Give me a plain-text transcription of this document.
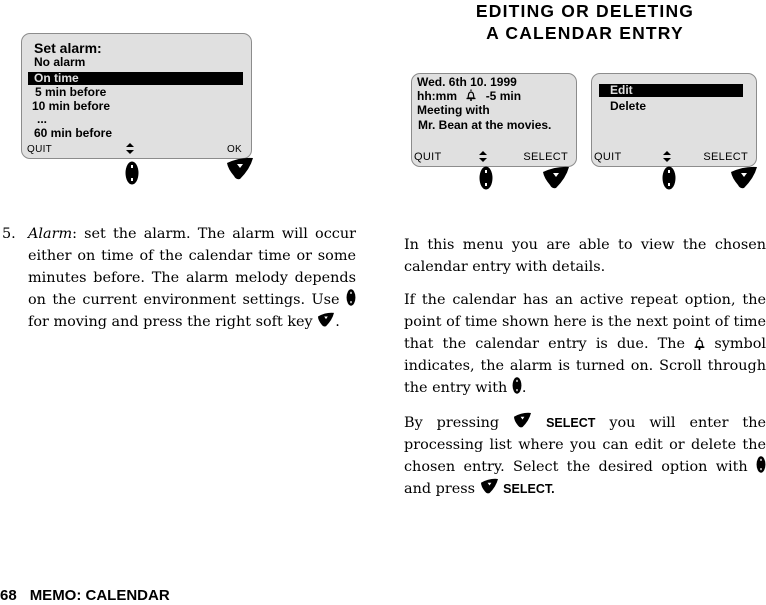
EDITING OR DELETING
A CALENDAR ENTRY
Set alarm:
No alarm
On time
5 min before
10 min before
...
60 min before
QUIT	OK
Wed. 6th 10. 1999
hh:mm -5 min
Meeting with
Mr. Bean at the movies.
QUIT	SELECT
Edit
Delete
QUIT	SELECT
5. Alarm: set the alarm. The alarm will occur either on time of the calendar time or some minutes before. The alarm melody depends on the current environment settings. Use  for moving and press the right soft key .
In this menu you are able to view the chosen calendar entry with details.
If the calendar has an active repeat option, the point of time shown here is the next point of time that the calendar entry is due. The symbol indicates, the alarm is turned on. Scroll through the entry with .
By pressing	SELECT you will enter the processing list where you can edit or delete the chosen entry. Select the desired option with  and press SELECT.
68 MEMO: CALENDAR
